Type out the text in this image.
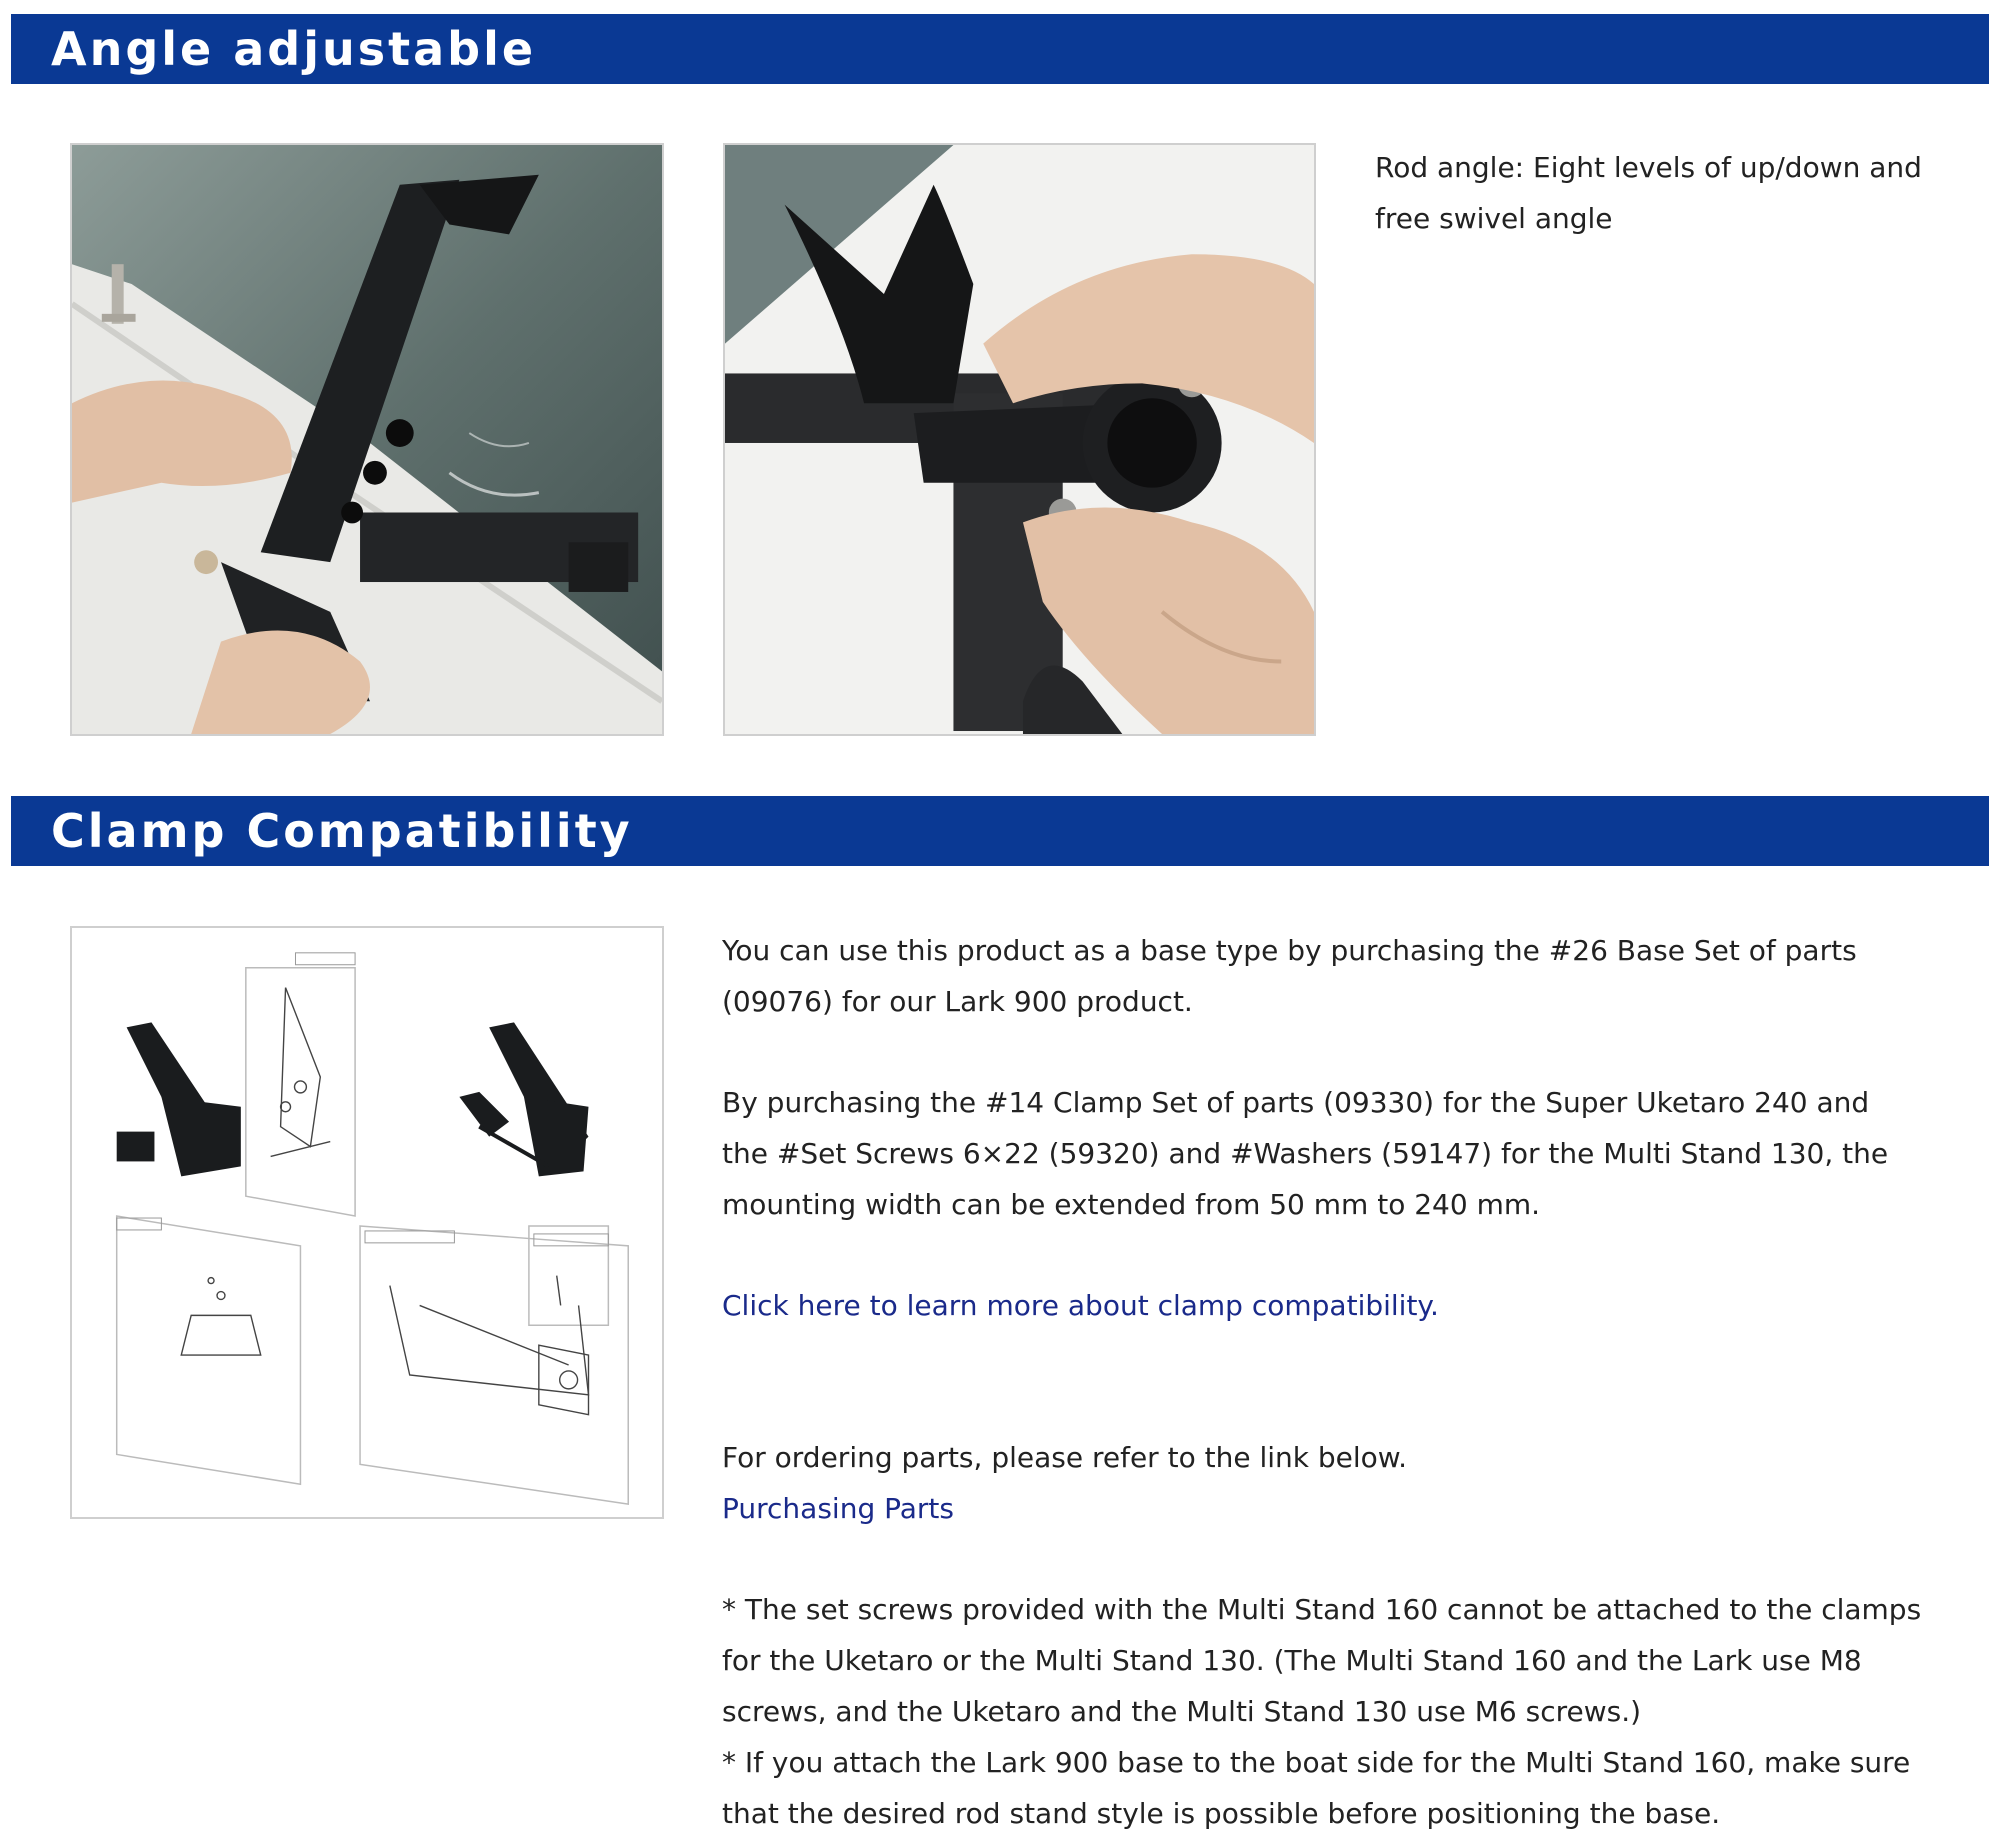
Angle adjustable

Rod angle: Eight levels of up/down and free swivel angle

Clamp Compatibility

You can use this product as a base type by purchasing the #26 Base Set of parts (09076) for our Lark 900 product.

By purchasing the #14 Clamp Set of parts (09330) for the Super Uketaro 240 and the #Set Screws 6×22 (59320) and #Washers (59147) for the Multi Stand 130, the mounting width can be extended from 50 mm to 240 mm.

Click here to learn more about clamp compatibility.

For ordering parts, please refer to the link below.
Purchasing Parts

* The set screws provided with the Multi Stand 160 cannot be attached to the clamps for the Uketaro or the Multi Stand 130. (The Multi Stand 160 and the Lark use M8 screws, and the Uketaro and the Multi Stand 130 use M6 screws.)
* If you attach the Lark 900 base to the boat side for the Multi Stand 160, make sure that the desired rod stand style is possible before positioning the base.
